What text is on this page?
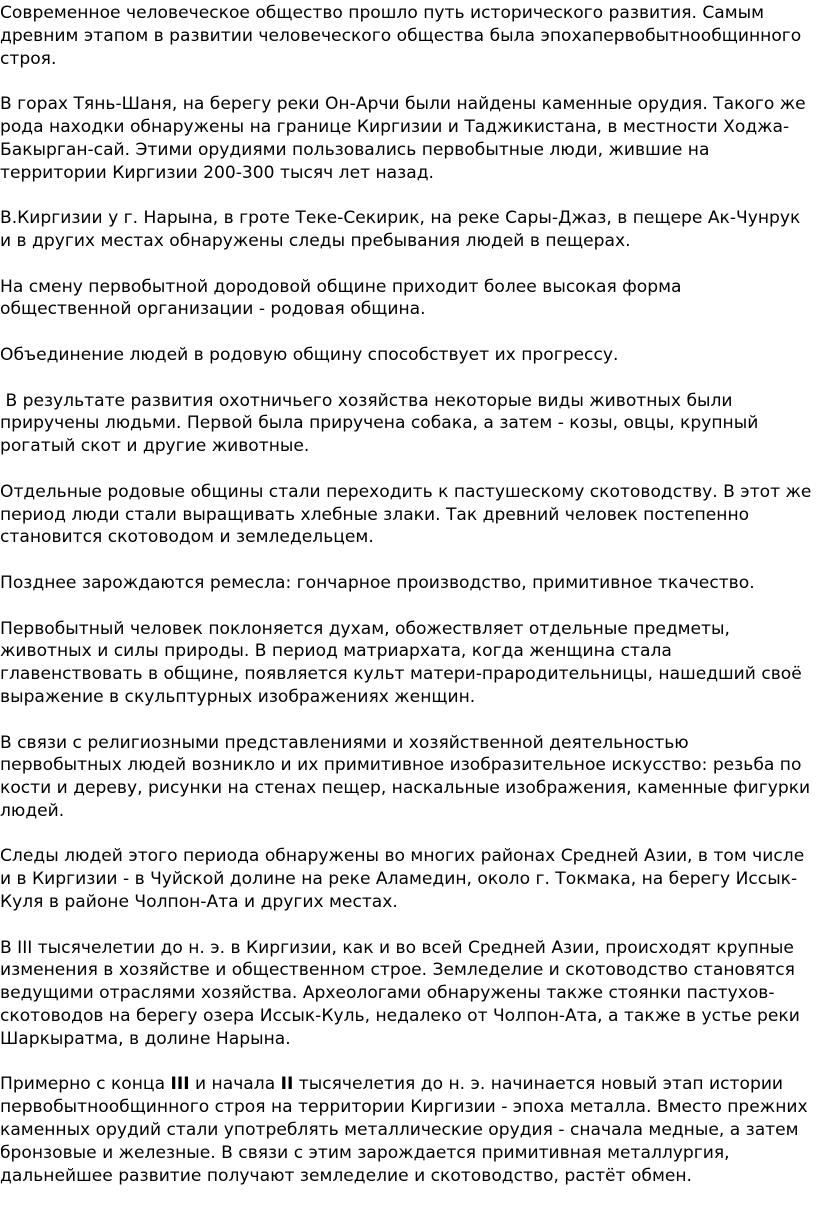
Современное человеческое общество прошло путь исторического развития. Самым древним этапом в развитии человеческого общества была эпохапервобытнообщинного строя.

В горах Тянь-Шаня, на берегу реки Он-Арчи были найдены каменные орудия. Такого же рода находки обнаружены на границе Киргизии и Таджикистана, в местности Ходжа-Бакырган-сай. Этими орудиями пользовались первобытные люди, жившие на территории Киргизии 200-300 тысяч лет назад.

В.Киргизии у г. Нарына, в гроте Теке-Секирик, на реке Сары-Джаз, в пещере Ак-Чунрук и в других местах обнаружены следы пребывания людей в пещерах.

На смену первобытной дородовой общине приходит более высокая форма общественной организации - родовая община.

Объединение людей в родовую общину способствует их прогрессу.

В результате развития охотничьего хозяйства некоторые виды животных были приручены людьми. Первой была приручена собака, а затем - козы, овцы, крупный рогатый скот и другие животные.

Отдельные родовые общины стали переходить к пастушескому скотоводству. В этот же период люди стали выращивать хлебные злаки. Так древний человек постепенно становится скотоводом и земледельцем.

Позднее зарождаются ремесла: гончарное производство, примитивное ткачество.

Первобытный человек поклоняется духам, обожествляет отдельные предметы, животных и силы природы. В период матриархата, когда женщина стала главенствовать в общине, появляется культ матери-прародительницы, нашедший своё выражение в скульптурных изображениях женщин.

В связи с религиозными представлениями и хозяйственной деятельностью первобытных людей возникло и их примитивное изобразительное искусство: резьба по кости и дереву, рисунки на стенах пещер, наскальные изображения, каменные фигурки людей.

Следы людей этого периода обнаружены во многих районах Средней Азии, в том числе и в Киргизии - в Чуйской долине на реке Аламедин, около г. Токмака, на берегу Иссык-Куля в районе Чолпон-Ата и других местах.

В III тысячелетии до н. э. в Киргизии, как и во всей Средней Азии, происходят крупные изменения в хозяйстве и общественном строе. Земледелие и скотоводство становятся ведущими отраслями хозяйства. Археологами обнаружены также стоянки пастухов-скотоводов на берегу озера Иссык-Куль, недалеко от Чолпон-Ата, а также в устье реки Шаркыратма, в долине Нарына.

Примерно с конца III и начала II тысячелетия до н. э. начинается новый этап истории первобытнообщинного строя на территории Киргизии - эпоха металла. Вместо прежних каменных орудий стали употреблять металлические орудия - сначала медные, а затем бронзовые и железные. В связи с этим зарождается примитивная металлургия, дальнейшее развитие получают земледелие и скотоводство, растёт обмен.
